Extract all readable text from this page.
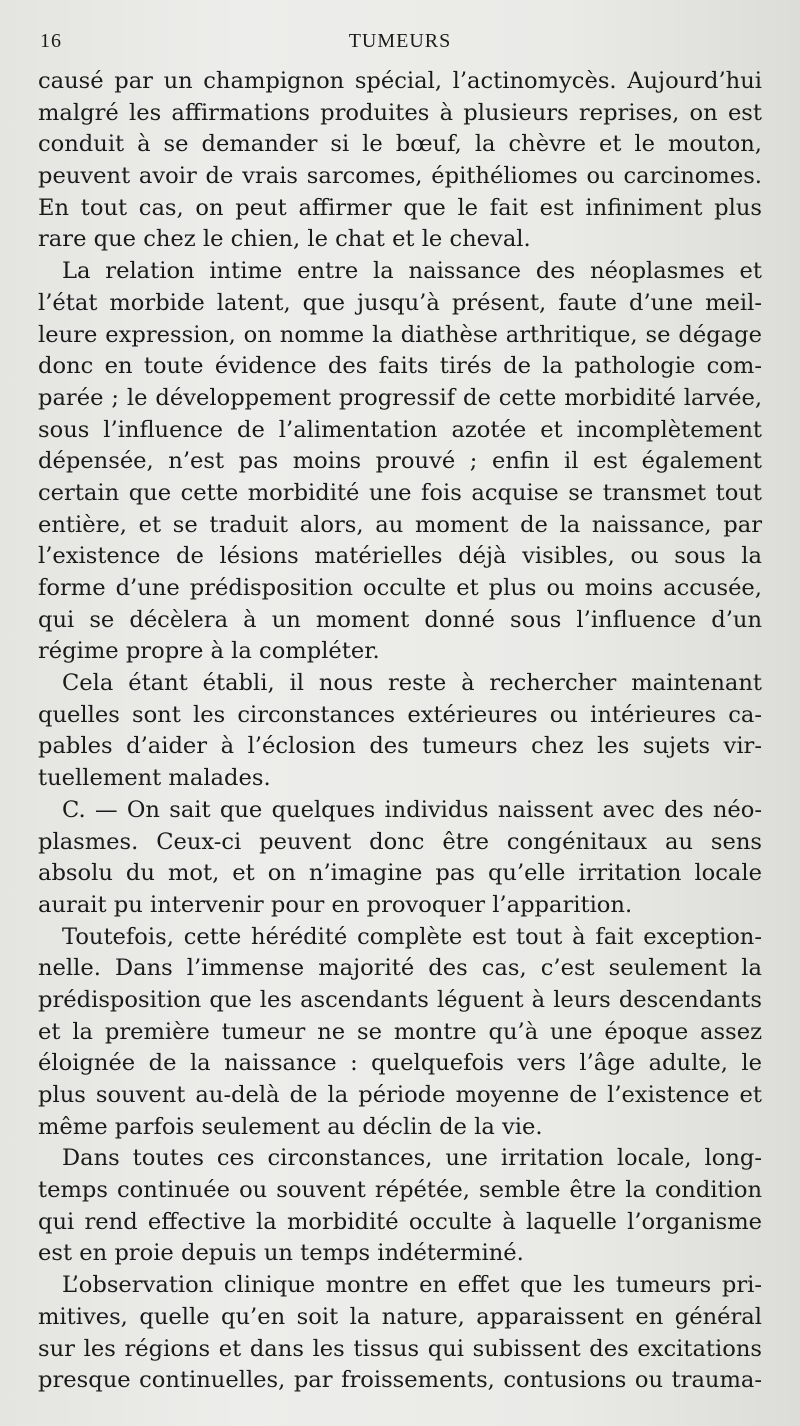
16	TUMEURS
causé par un champignon spécial, l’actinomycès. Aujourd’hui
malgré les affirmations produites à plusieurs reprises, on est
conduit à se demander si le bœuf, la chèvre et le mouton,
peuvent avoir de vrais sarcomes, épithéliomes ou carcinomes.
En tout cas, on peut affirmer que le fait est infiniment plus
rare que chez le chien, le chat et le cheval.
La relation intime entre la naissance des néoplasmes et
l’état morbide latent, que jusqu’à présent, faute d’une meil-
leure expression, on nomme la diathèse arthritique, se dégage
donc en toute évidence des faits tirés de la pathologie com-
parée ; le développement progressif de cette morbidité larvée,
sous l’influence de l’alimentation azotée et incomplètement
dépensée, n’est pas moins prouvé ; enfin il est également
certain que cette morbidité une fois acquise se transmet tout
entière, et se traduit alors, au moment de la naissance, par
l’existence de lésions matérielles déjà visibles, ou sous la
forme d’une prédisposition occulte et plus ou moins accusée,
qui se décèlera à un moment donné sous l’influence d’un
régime propre à la compléter.
Cela étant établi, il nous reste à rechercher maintenant
quelles sont les circonstances extérieures ou intérieures ca-
pables d’aider à l’éclosion des tumeurs chez les sujets vir-
tuellement malades.
C. — On sait que quelques individus naissent avec des néo-
plasmes. Ceux-ci peuvent donc être congénitaux au sens
absolu du mot, et on n’imagine pas qu’elle irritation locale
aurait pu intervenir pour en provoquer l’apparition.
Toutefois, cette hérédité complète est tout à fait exception-
nelle. Dans l’immense majorité des cas, c’est seulement la
prédisposition que les ascendants léguent à leurs descendants
et la première tumeur ne se montre qu’à une époque assez
éloignée de la naissance : quelquefois vers l’âge adulte, le
plus souvent au-delà de la période moyenne de l’existence et
même parfois seulement au déclin de la vie.
Dans toutes ces circonstances, une irritation locale, long-
temps continuée ou souvent répétée, semble être la condition
qui rend effective la morbidité occulte à laquelle l’organisme
est en proie depuis un temps indéterminé.
L’observation clinique montre en effet que les tumeurs pri-
mitives, quelle qu’en soit la nature, apparaissent en général
sur les régions et dans les tissus qui subissent des excitations
presque continuelles, par froissements, contusions ou trauma-
